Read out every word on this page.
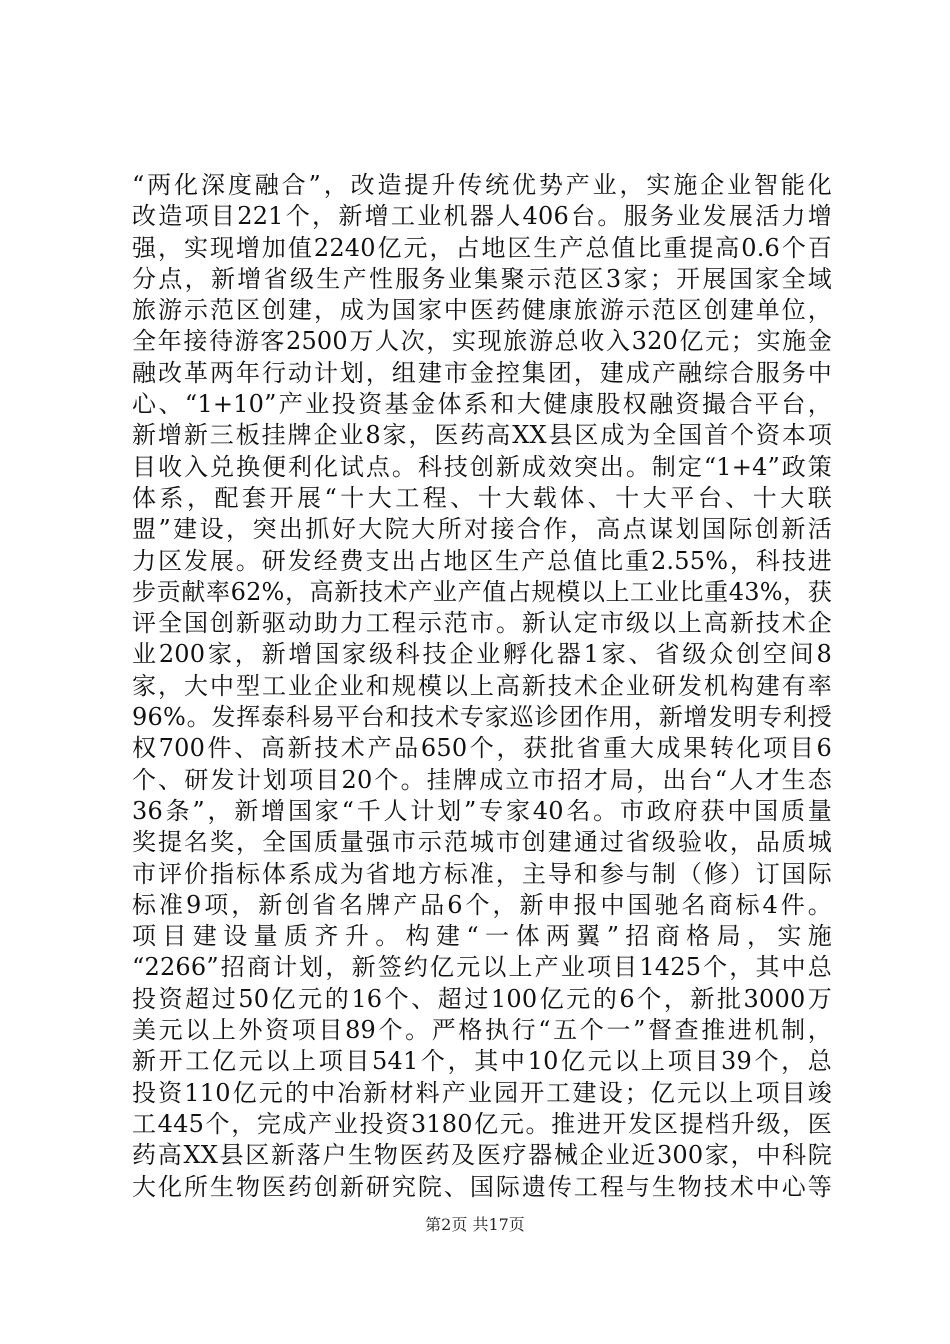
“两化深度融合”，改造提升传统优势产业，实施企业智能化
改造项目221个，新增工业机器人406台。服务业发展活力增
强，实现增加值2240亿元，占地区生产总值比重提高0.6个百
分点，新增省级生产性服务业集聚示范区3家；开展国家全域
旅游示范区创建，成为国家中医药健康旅游示范区创建单位，
全年接待游客2500万人次，实现旅游总收入320亿元；实施金
融改革两年行动计划，组建市金控集团，建成产融综合服务中
心、“1+10”产业投资基金体系和大健康股权融资撮合平台，
新增新三板挂牌企业8家，医药高XX县区成为全国首个资本项
目收入兑换便利化试点。科技创新成效突出。制定“1+4”政策
体系，配套开展“十大工程、十大载体、十大平台、十大联
盟”建设，突出抓好大院大所对接合作，高点谋划国际创新活
力区发展。研发经费支出占地区生产总值比重2.55%，科技进
步贡献率62%，高新技术产业产值占规模以上工业比重43%，获
评全国创新驱动助力工程示范市。新认定市级以上高新技术企
业200家，新增国家级科技企业孵化器1家、省级众创空间8
家，大中型工业企业和规模以上高新技术企业研发机构建有率
96%。发挥泰科易平台和技术专家巡诊团作用，新增发明专利授
权700件、高新技术产品650个，获批省重大成果转化项目6
个、研发计划项目20个。挂牌成立市招才局，出台“人才生态
36条”，新增国家“千人计划”专家40名。市政府获中国质量
奖提名奖，全国质量强市示范城市创建通过省级验收，品质城
市评价指标体系成为省地方标准，主导和参与制（修）订国际
标准9项，新创省名牌产品6个，新申报中国驰名商标4件。
项目建设量质齐升。构建“一体两翼”招商格局，实施
“2266”招商计划，新签约亿元以上产业项目1425个，其中总
投资超过50亿元的16个、超过100亿元的6个，新批3000万
美元以上外资项目89个。严格执行“五个一”督查推进机制，
新开工亿元以上项目541个，其中10亿元以上项目39个，总
投资110亿元的中冶新材料产业园开工建设；亿元以上项目竣
工445个，完成产业投资3180亿元。推进开发区提档升级，医
药高XX县区新落户生物医药及医疗器械企业近300家，中科院
大化所生物医药创新研究院、国际遗传工程与生物技术中心等
第2页 共17页
